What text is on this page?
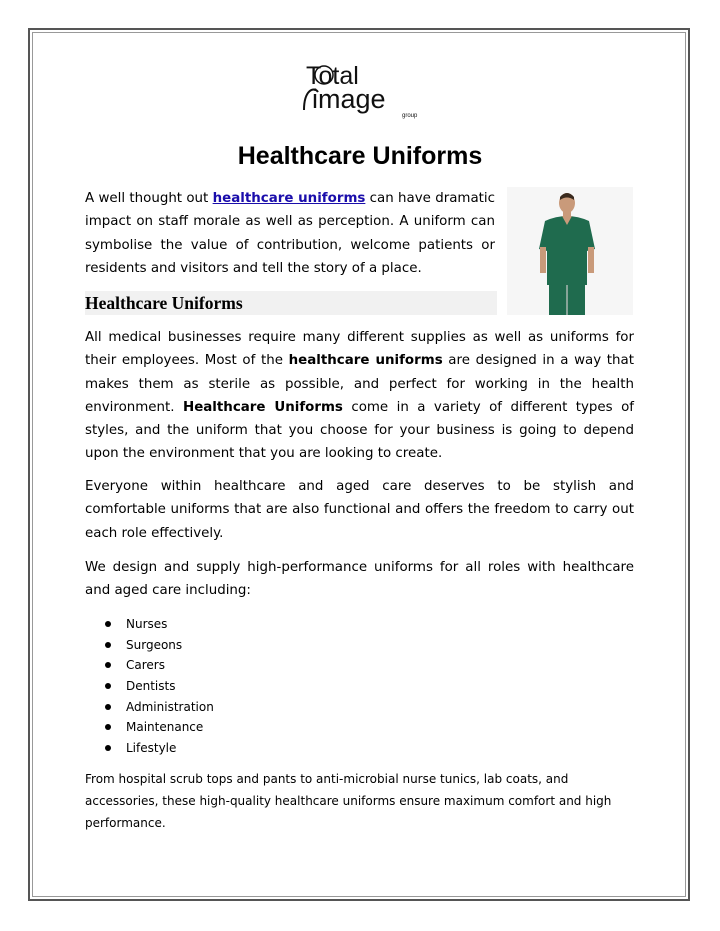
Total
image
group
Healthcare Uniforms
A well thought out healthcare uniforms can have dramatic impact on staff morale as well as perception. A uniform can symbolise the value of contribution, welcome patients or residents and visitors and tell the story of a place.
Healthcare Uniforms
All medical businesses require many different supplies as well as uniforms for their employees. Most of the healthcare uniforms are designed in a way that makes them as sterile as possible, and perfect for working in the health environment. Healthcare Uniforms come in a variety of different types of styles, and the uniform that you choose for your business is going to depend upon the environment that you are looking to create.
Everyone within healthcare and aged care deserves to be stylish and comfortable uniforms that are also functional and offers the freedom to carry out each role effectively.
We design and supply high-performance uniforms for all roles with healthcare and aged care including:
Nurses
Surgeons
Carers
Dentists
Administration
Maintenance
Lifestyle
From hospital scrub tops and pants to anti-microbial nurse tunics, lab coats, and accessories, these high-quality healthcare uniforms ensure maximum comfort and high performance.
